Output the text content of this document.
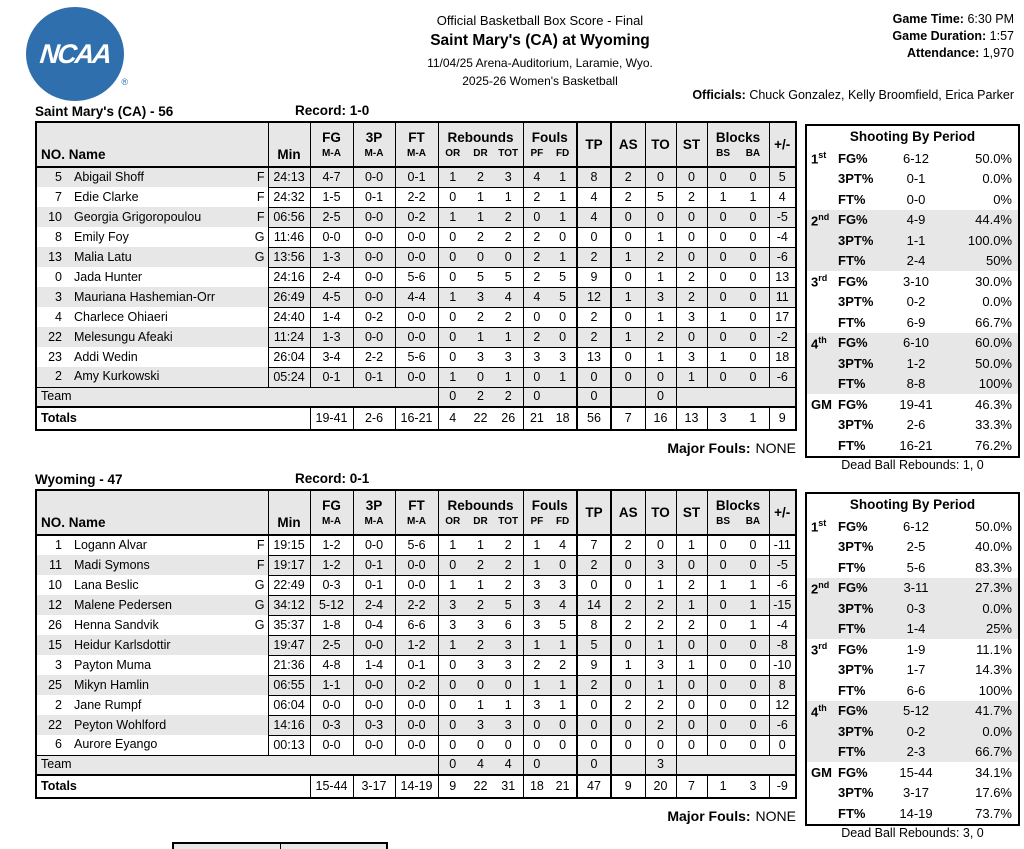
NCAA
®
Official Basketball Box Score - Final
Saint Mary's (CA) at Wyoming
11/04/25 Arena-Auditorium, Laramie, Wyo.
2025-26 Women's Basketball
Game Time: 6:30 PM
Game Duration: 1:57
Attendance: 1,970
Officials: Chuck Gonzalez, Kelly Broomfield, Erica Parker
Saint Mary's (CA) - 56	Record: 1-0
NO. Name	Min	
FG
M-A

3P
M-A

FT
M-A

Rebounds
OR DR TOT

Fouls
PF FD
	TP	AS	TO	ST	Blocks
BS BA
	+/-
5	Abigail Shoff F	24:13	4-7	0-0	0-1	1 2 3	4 1	8	2	0	0	0 0	5
7	Edie Clarke F	24:32	1-5	0-1	2-2	0 1 1	2 1	4	2	5	2	1 1	4
10	Georgia Grigoropoulou F	06:56	2-5	0-0	0-2	1 1 2	0 1	4	0	0	0	0 0	-5
8	Emily Foy G	11:46	0-0	0-0	0-0	0 2 2	2 0	0	0	1	0	0 0	-4
13	Malia Latu G	13:56	1-3	0-0	0-0	0 0 0	2 1	2	1	2	0	0 0	-6
0	Jada Hunter	24:16	2-4	0-0	5-6	0 5 5	2 5	9	0	1	2	0 0	13
3	Mauriana Hashemian-Orr	26:49	4-5	0-0	4-4	1 3 4	4 5	12	1	3	2	0 0	11
4	Charlece Ohiaeri	24:40	1-4	0-2	0-0	0 2 2	0 0	2	0	1	3	1 0	17
22	Melesungu Afeaki	11:24	1-3	0-0	0-0	0 1 1	2 0	2	1	2	0	0 0	-2
23	Addi Wedin	26:04	3-4	2-2	5-6	0 3 3	3 3	13	0	1	3	1 0	18
2	Amy Kurkowski	05:24	0-1	0-1	0-0	1 0 1	0 1	0	0	0	1	0 0	-6
Team						0 2 2	0	0		0			
Totals			19-41	2-6	16-21	4 22 26	21 18	56	7	16	13	3 1	9
Major Fouls: NONE
Shooting By Period
1st FG%	6-12	50.0%
3PT%	0-1	0.0%
FT%	0-0	0%
2nd FG%	4-9	44.4%
3PT%	1-1	100.0%
FT%	2-4	50%
3rd FG%	3-10	30.0%
3PT%	0-2	0.0%
FT%	6-9	66.7%
4th FG%	6-10	60.0%
3PT%	1-2	50.0%
FT%	8-8	100%
GM FG%	19-41	46.3%
3PT%	2-6	33.3%
FT%	16-21	76.2%
Dead Ball Rebounds: 1, 0
Wyoming - 47	Record: 0-1
NO. Name	Min	
FG
M-A

3P
M-A

FT
M-A

Rebounds
OR DR TOT

Fouls
PF FD
	TP	AS	TO	ST	Blocks
BS BA
	+/-
1	Logann Alvar F	19:15	1-2	0-0	5-6	1 1 2	1 4	7	2	0	1	0 0	-11
11	Madi Symons F	19:17	1-2	0-1	0-0	0 2 2	1 0	2	0	3	0	0 0	-5
10	Lana Beslic G	22:49	0-3	0-1	0-0	1 1 2	3 3	0	0	1	2	1 1	-6
12	Malene Pedersen G	34:12	5-12	2-4	2-2	3 2 5	3 4	14	2	2	1	0 1	-15
26	Henna Sandvik G	35:37	1-8	0-4	6-6	3 3 6	3 5	8	2	2	2	0 1	-4
15	Heidur Karlsdottir	19:47	2-5	0-0	1-2	1 2 3	1 1	5	0	1	0	0 0	-8
3	Payton Muma	21:36	4-8	1-4	0-1	0 3 3	2 2	9	1	3	1	0 0	-10
25	Mikyn Hamlin	06:55	1-1	0-0	0-2	0 0 0	1 1	2	0	1	0	0 0	8
2	Jane Rumpf	06:04	0-0	0-0	0-0	0 1 1	3 1	0	2	2	0	0 0	12
22	Peyton Wohlford	14:16	0-3	0-3	0-0	0 3 3	0 0	0	0	2	0	0 0	-6
6	Aurore Eyango	00:13	0-0	0-0	0-0	0 0 0	0 0	0	0	0	0	0 0	0
Team						0 4 4	0	0		3			
Totals			15-44	3-17	14-19	9 22 31	18 21	47	9	20	7	1 3	-9
Major Fouls: NONE
Shooting By Period
1st FG%	6-12	50.0%
3PT%	2-5	40.0%
FT%	5-6	83.3%
2nd FG%	3-11	27.3%
3PT%	0-3	0.0%
FT%	1-4	25%
3rd FG%	1-9	11.1%
3PT%	1-7	14.3%
FT%	6-6	100%
4th FG%	5-12	41.7%
3PT%	0-2	0.0%
FT%	2-3	66.7%
GM FG%	15-44	34.1%
3PT%	3-17	17.6%
FT%	14-19	73.7%
Dead Ball Rebounds: 3, 0
